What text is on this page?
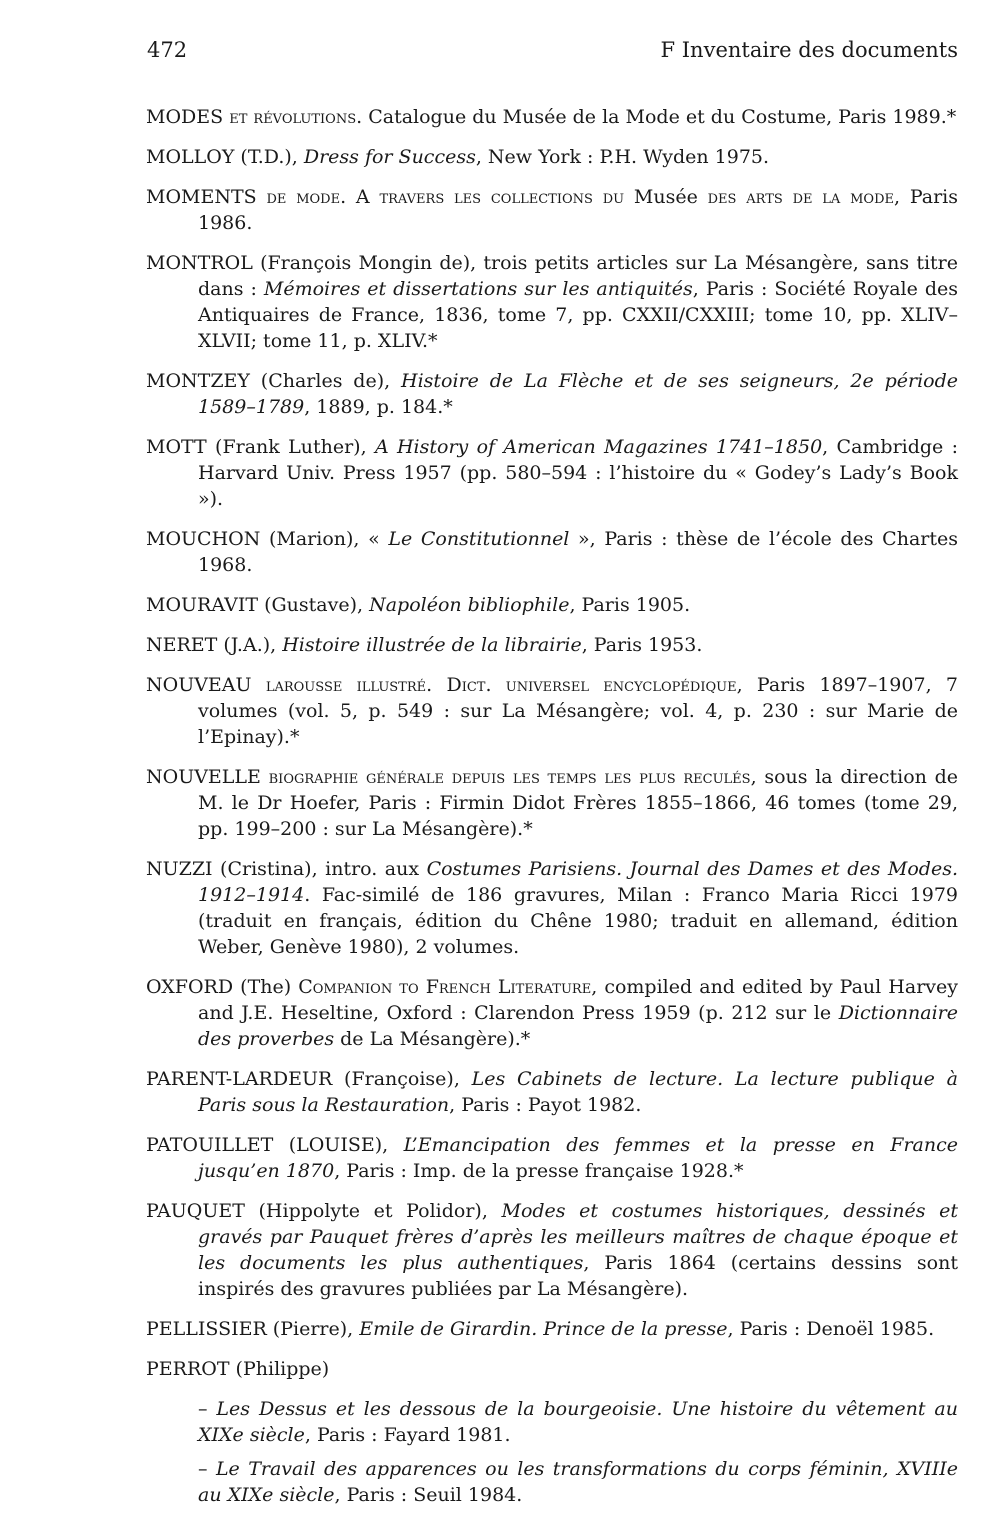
472	F Inventaire des documents
MODES et révolutions. Catalogue du Musée de la Mode et du Costume, Paris 1989.*
MOLLOY (T.D.), Dress for Success, New York : P.H. Wyden 1975.
MOMENTS de mode. A travers les collections du Musée des arts de la mode, Paris 1986.
MONTROL (François Mongin de), trois petits articles sur La Mésangère, sans titre dans : Mémoires et dissertations sur les antiquités, Paris : Société Royale des Antiquaires de France, 1836, tome 7, pp. CXXII/CXXIII; tome 10, pp. XLIV–XLVII; tome 11, p. XLIV.*
MONTZEY (Charles de), Histoire de La Flèche et de ses seigneurs, 2e période 1589–1789, 1889, p. 184.*
MOTT (Frank Luther), A History of American Magazines 1741–1850, Cambridge : Harvard Univ. Press 1957 (pp. 580–594 : l’histoire du « Godey’s Lady’s Book »).
MOUCHON (Marion), « Le Constitutionnel », Paris : thèse de l’école des Chartes 1968.
MOURAVIT (Gustave), Napoléon bibliophile, Paris 1905.
NERET (J.A.), Histoire illustrée de la librairie, Paris 1953.
NOUVEAU larousse illustré. Dict. universel encyclopédique, Paris 1897–1907, 7 volumes (vol. 5, p. 549 : sur La Mésangère; vol. 4, p. 230 : sur Marie de l’Epinay).*
NOUVELLE biographie générale depuis les temps les plus reculés, sous la direction de M. le Dr Hoefer, Paris : Firmin Didot Frères 1855–1866, 46 tomes (tome 29, pp. 199–200 : sur La Mésangère).*
NUZZI (Cristina), intro. aux Costumes Parisiens. Journal des Dames et des Modes. 1912–1914. Fac-similé de 186 gravures, Milan : Franco Maria Ricci 1979 (traduit en français, édition du Chêne 1980; traduit en allemand, édition Weber, Genève 1980), 2 volumes.
OXFORD (The) Companion to French Literature, compiled and edited by Paul Harvey and J.E. Heseltine, Oxford : Clarendon Press 1959 (p. 212 sur le Dictionnaire des proverbes de La Mésangère).*
PARENT-LARDEUR (Françoise), Les Cabinets de lecture. La lecture publique à Paris sous la Restauration, Paris : Payot 1982.
PATOUILLET (LOUISE), L’Emancipation des femmes et la presse en France jusqu’en 1870, Paris : Imp. de la presse française 1928.*
PAUQUET (Hippolyte et Polidor), Modes et costumes historiques, dessinés et gravés par Pauquet frères d’après les meilleurs maîtres de chaque époque et les documents les plus authentiques, Paris 1864 (certains dessins sont inspirés des gravures publiées par La Mésangère).
PELLISSIER (Pierre), Emile de Girardin. Prince de la presse, Paris : Denoël 1985.
PERROT (Philippe)
– Les Dessus et les dessous de la bourgeoisie. Une histoire du vêtement au XIXe siècle, Paris : Fayard 1981.
– Le Travail des apparences ou les transformations du corps féminin, XVIIIe au XIXe siècle, Paris : Seuil 1984.
